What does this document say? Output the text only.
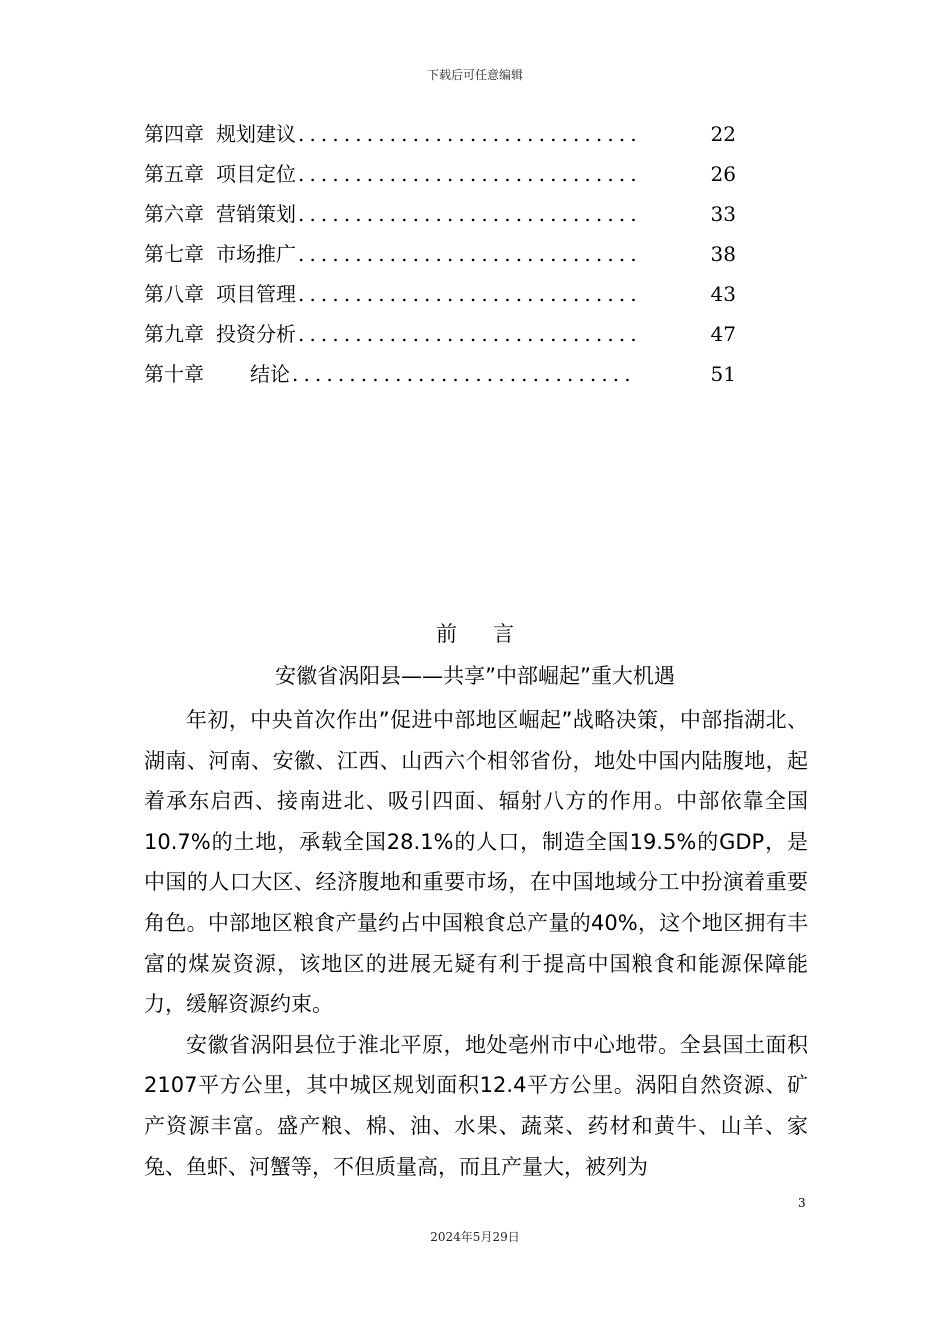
下载后可任意编辑
第四章 规划建议 ..............................	22
第五章 项目定位 ..............................	26
第六章 营销策划 ..............................	33
第七章 市场推广 ..............................	38
第八章 项目管理 ..............................	43
第九章 投资分析 ..............................	47
第十章 结论 ..............................	51
前言
安徽省涡阳县——共享”中部崛起”重大机遇

年初，中央首次作出”促进中部地区崛起”战略决策，中部指湖北、湖南、河南、安徽、江西、山西六个相邻省份，地处中国内陆腹地，起着承东启西、接南进北、吸引四面、辐射八方的作用。中部依靠全国10.7%的土地，承载全国28.1%的人口，制造全国19.5%的GDP，是中国的人口大区、经济腹地和重要市场，在中国地域分工中扮演着重要角色。中部地区粮食产量约占中国粮食总产量的40%，这个地区拥有丰富的煤炭资源，该地区的进展无疑有利于提高中国粮食和能源保障能力，缓解资源约束。

安徽省涡阳县位于淮北平原，地处亳州市中心地带。全县国土面积2107平方公里，其中城区规划面积12.4平方公里。涡阳自然资源、矿产资源丰富。盛产粮、棉、油、水果、蔬菜、药材和黄牛、山羊、家兔、鱼虾、河蟹等，不但质量高，而且产量大，被列为

3
2024年5月29日
